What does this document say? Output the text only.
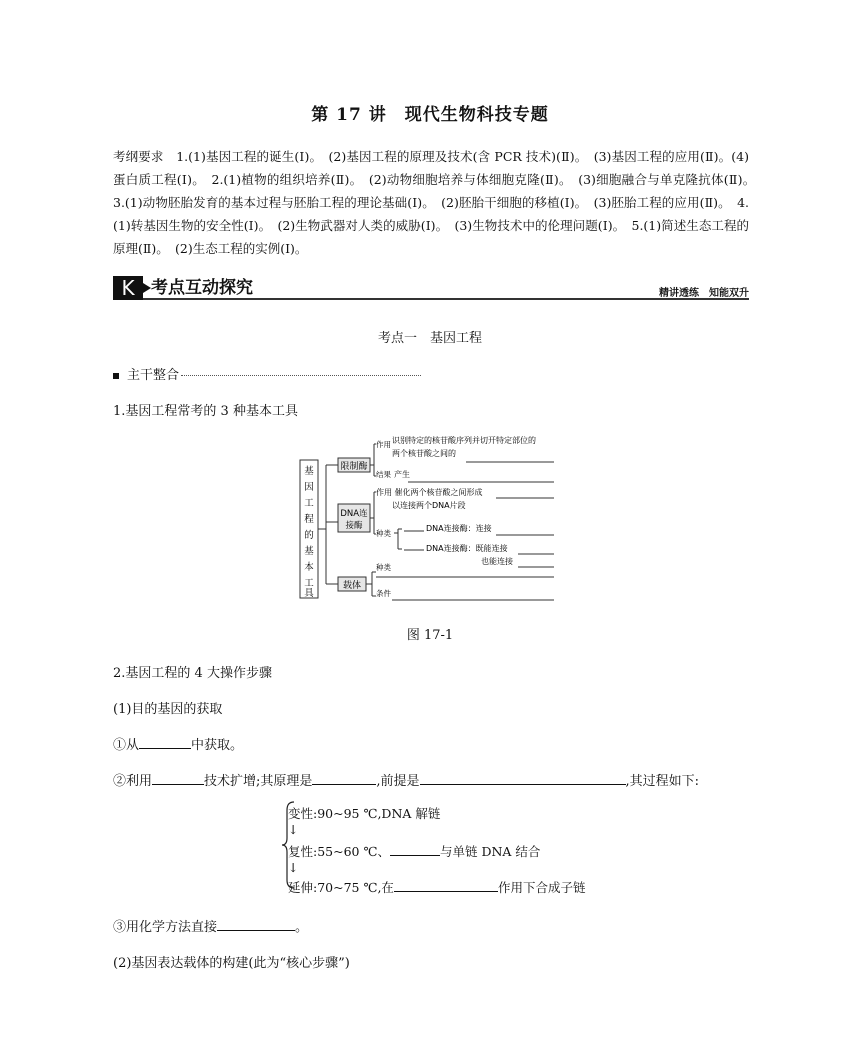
第 17 讲　现代生物科技专题
考纲要求　 1.(1)基因工程的诞生(Ⅰ)。　(2)基因工程的原理及技术(含 PCR 技术)(Ⅱ)。　(3)基因工程的应用(Ⅱ)。(4)蛋白质工程(Ⅰ)。　2.(1)植物的组织培养(Ⅱ)。　(2)动物细胞培养与体细胞克隆(Ⅱ)。　(3)细胞融合与单克隆抗体(Ⅱ)。　3.(1)动物胚胎发育的基本过程与胚胎工程的理论基础(Ⅰ)。　(2)胚胎干细胞的移植(Ⅰ)。　(3)胚胎工程的应用(Ⅱ)。　4.(1)转基因生物的安全性(Ⅰ)。　(2)生物武器对人类的威胁(Ⅰ)。　(3)生物技术中的伦理问题(Ⅰ)。　5.(1)简述生态工程的原理(Ⅱ)。　(2)生态工程的实例(Ⅰ)。
K 考点互动探究	精讲透练　知能双升
考点一　基因工程
主干整合
1.基因工程常考的 3 种基本工具
基
因
工
程
的
基
本
工
具
限制酶
DNA连
接酶
载体
作用 识别特定的核苷酸序列并切开特定部位的
两个核苷酸之间的
结果 产生
作用 催化两个核苷酸之间形成
以连接两个DNA片段
种类
DNA连接酶：连接
DNA连接酶：既能连接
也能连接
种类
条件
图 17-1
2.基因工程的 4 大操作步骤
(1)目的基因的获取
①从	中获取。
②利用	技术扩增;其原理是	,前提是	,其过程如下:
变性:90~95 ℃,DNA 解链
↓
复性:55~60 ℃、	与单链 DNA 结合
↓
延伸:70~75 ℃,在	作用下合成子链
③用化学方法直接	。
(2)基因表达载体的构建(此为“核心步骤”)
